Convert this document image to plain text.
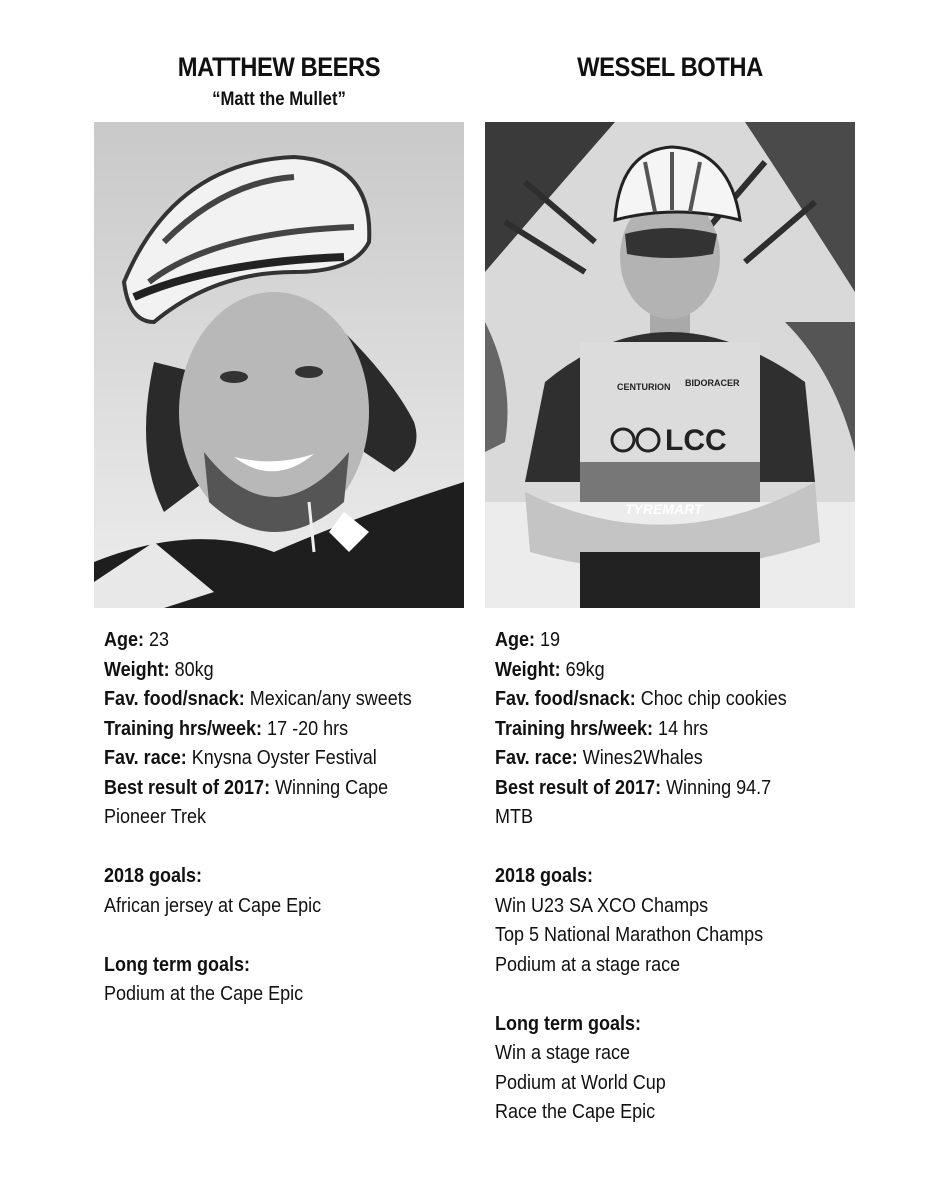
MATTHEW BEERS

“Matt the Mullet”

Age: 23

Weight: 80kg

Fav. food/snack: Mexican/any sweets

Training hrs/week: 17 -20 hrs

Fav. race: Knysna Oyster Festival

Best result of 2017: Winning Cape

Pioneer Trek

2018 goals:

African jersey at Cape Epic

Long term goals:

Podium at the Cape Epic

WESSEL BOTHA
CENTURION BIDORACER
LCC
TYREMART

Age: 19

Weight: 69kg

Fav. food/snack: Choc chip cookies

Training hrs/week: 14 hrs

Fav. race: Wines2Whales

Best result of 2017: Winning 94.7

MTB

2018 goals:

Win U23 SA XCO Champs

Top 5 National Marathon Champs

Podium at a stage race

Long term goals:

Win a stage race

Podium at World Cup

Race the Cape Epic
